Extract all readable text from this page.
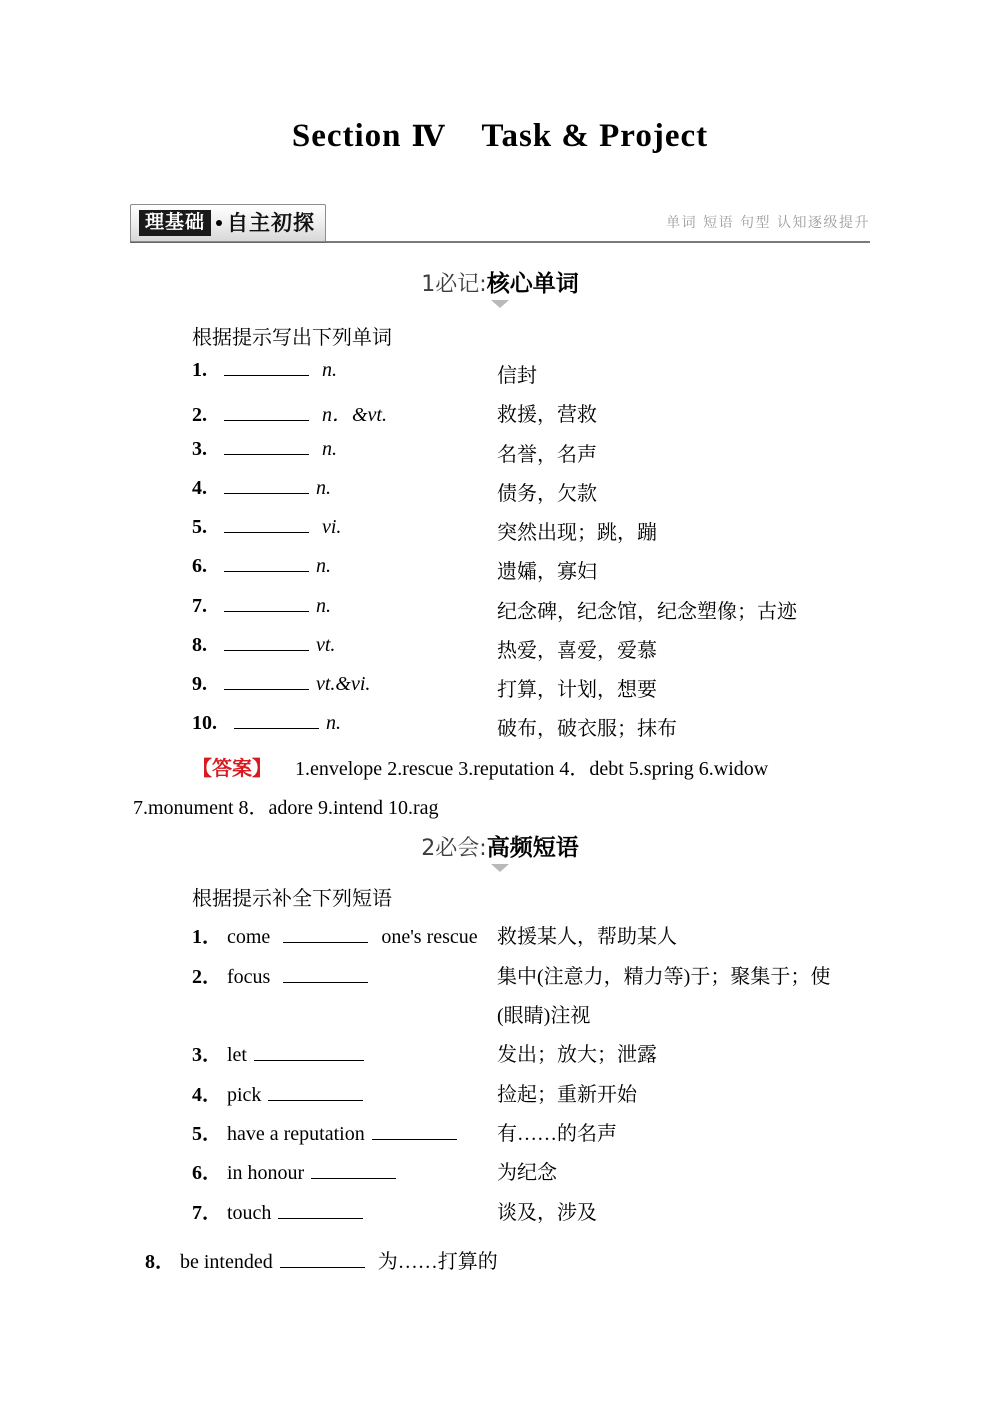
Section Ⅳ Task & Project
理基础 自主初探	单词 短语 句型 认知逐级提升
1必记:核心单词
根据提示写出下列单词
1.	n.	信封
2.	n．&vt.	救援，营救
3.	n.	名誉，名声
4.	n.	债务，欠款
5.	vi.	突然出现；跳，蹦
6.	n.	遗孀，寡妇
7.	n.	纪念碑，纪念馆，纪念塑像；古迹
8.	vt.	热爱，喜爱，爱慕
9.	vt.&vi.	打算，计划，想要
10.	n.	破布，破衣服；抹布
【答案】 1.envelope 2.rescue 3.reputation 4．debt 5.spring 6.widow
7.monument 8．adore 9.intend 10.rag
2必会:高频短语
根据提示补全下列短语
1． come	one's rescue 救援某人，帮助某人
2． focus	集中(注意力，精力等)于；聚集于；使
(眼睛)注视
3． let	发出；放大；泄露
4． pick	捡起；重新开始
5． have a reputation	有……的名声
6． in honour	为纪念
7． touch	谈及，涉及
8． be intended	为……打算的
